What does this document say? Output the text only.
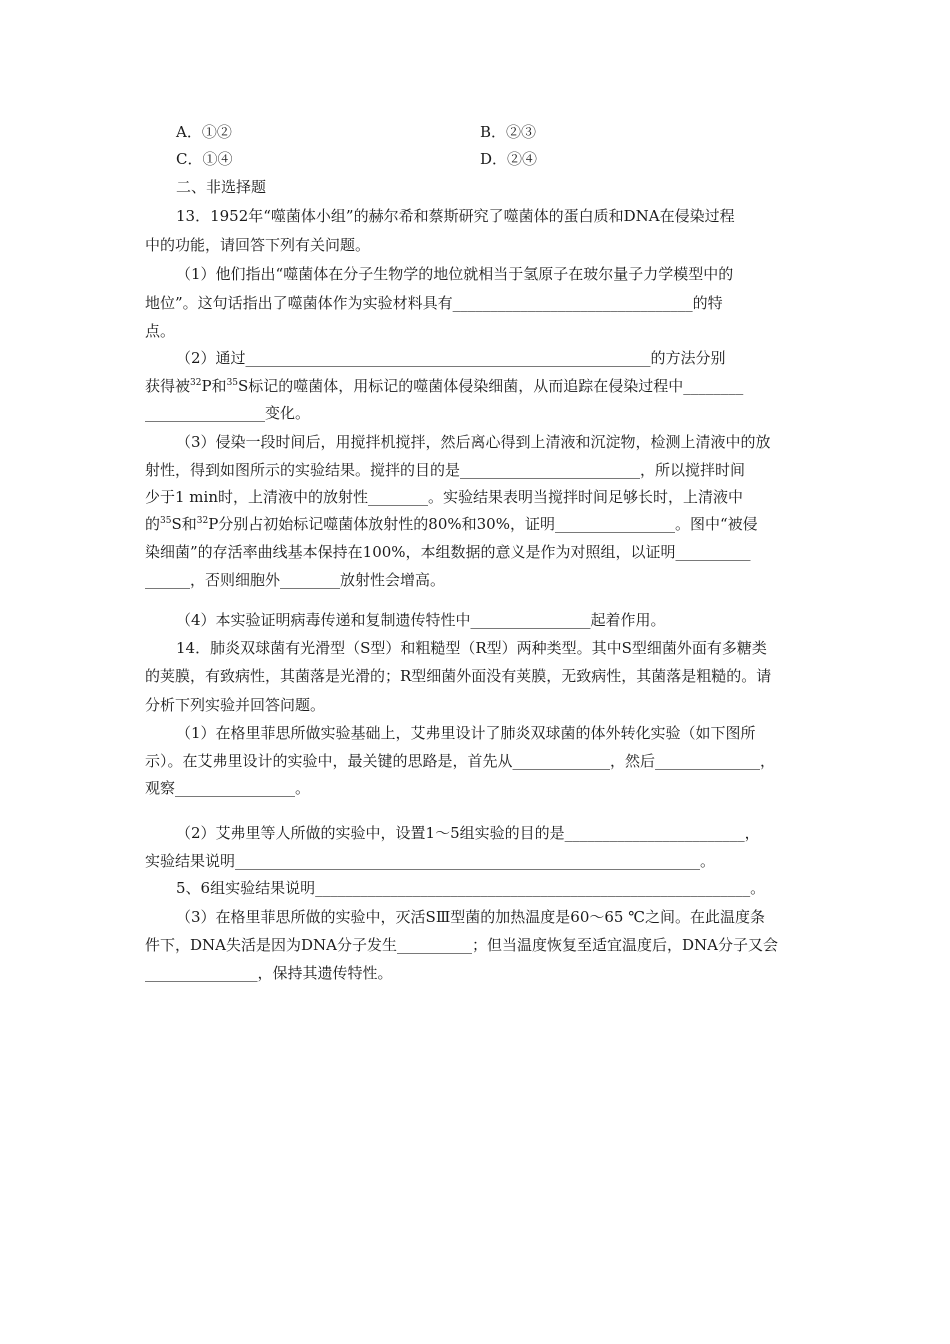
A．①②	B．②③
C．①④	D．②④
二、非选择题
13．1952年“噬菌体小组”的赫尔希和蔡斯研究了噬菌体的蛋白质和DNA在侵染过程
中的功能，请回答下列有关问题。
（1）他们指出“噬菌体在分子生物学的地位就相当于氢原子在玻尔量子力学模型中的
地位”。这句话指出了噬菌体作为实验材料具有________________________________的特
点。
（2）通过______________________________________________________的方法分别
获得被$^{32}$P和$^{35}$S标记的噬菌体，用标记的噬菌体侵染细菌，从而追踪在侵染过程中________
________________变化。
（3）侵染一段时间后，用搅拌机搅拌，然后离心得到上清液和沉淀物，检测上清液中的放
射性，得到如图所示的实验结果。搅拌的目的是________________________，所以搅拌时间
少于1 min时，上清液中的放射性________。实验结果表明当搅拌时间足够长时，上清液中
的$^{35}$S和$^{32}$P分别占初始标记噬菌体放射性的80%和30%，证明________________。图中“被侵
染细菌”的存活率曲线基本保持在100%，本组数据的意义是作为对照组，以证明__________
______，否则细胞外________放射性会增高。
（4）本实验证明病毒传递和复制遗传特性中________________起着作用。
14．肺炎双球菌有光滑型（S型）和粗糙型（R型）两种类型。其中S型细菌外面有多糖类
的荚膜，有致病性，其菌落是光滑的；R型细菌外面没有荚膜，无致病性，其菌落是粗糙的。请
分析下列实验并回答问题。
（1）在格里菲思所做实验基础上，艾弗里设计了肺炎双球菌的体外转化实验（如下图所
示）。在艾弗里设计的实验中，最关键的思路是，首先从_____________，然后______________，
观察________________。
（2）艾弗里等人所做的实验中，设置1～5组实验的目的是________________________，
实验结果说明______________________________________________________________。
5、6组实验结果说明__________________________________________________________。
（3）在格里菲思所做的实验中，灭活SⅢ型菌的加热温度是60～65 ℃之间。在此温度条
件下，DNA失活是因为DNA分子发生__________；但当温度恢复至适宜温度后，DNA分子又会
_______________，保持其遗传特性。
